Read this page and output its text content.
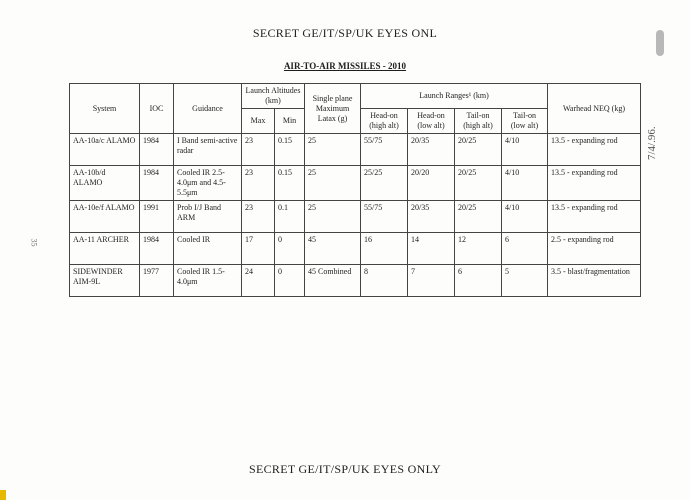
SECRET GE/IT/SP/UK EYES ONL
AIR-TO-AIR MISSILES - 2010
System	IOC	Guidance	Launch Altitudes (km)		Single plane Maximum Latax (g)	Launch Ranges¹ (km)				Warhead NEQ (kg)
			Max	Min		Head-on (high alt)	Head-on (low alt)	Tail-on (high alt)	Tail-on (low alt)	
AA-10a/c ALAMO	1984	I Band semi-active radar	23	0.15	25	55/75	20/35	20/25	4/10	13.5 - expanding rod
AA-10b/d ALAMO	1984	Cooled IR 2.5-4.0μm and 4.5-5.5μm	23	0.15	25	25/25	20/20	20/25	4/10	13.5 - expanding rod
AA-10e/f ALAMO	1991	Prob I/J Band ARM	23	0.1	25	55/75	20/35	20/25	4/10	13.5 - expanding rod
AA-11 ARCHER	1984	Cooled IR	17	0	45	16	14	12	6	2.5 - expanding rod
SIDEWINDER AIM-9L	1977	Cooled IR 1.5-4.0μm	24	0	45 Combined	8	7	6	5	3.5 - blast/fragmentation
SECRET GE/IT/SP/UK EYES ONLY
7/4/.96.
35
